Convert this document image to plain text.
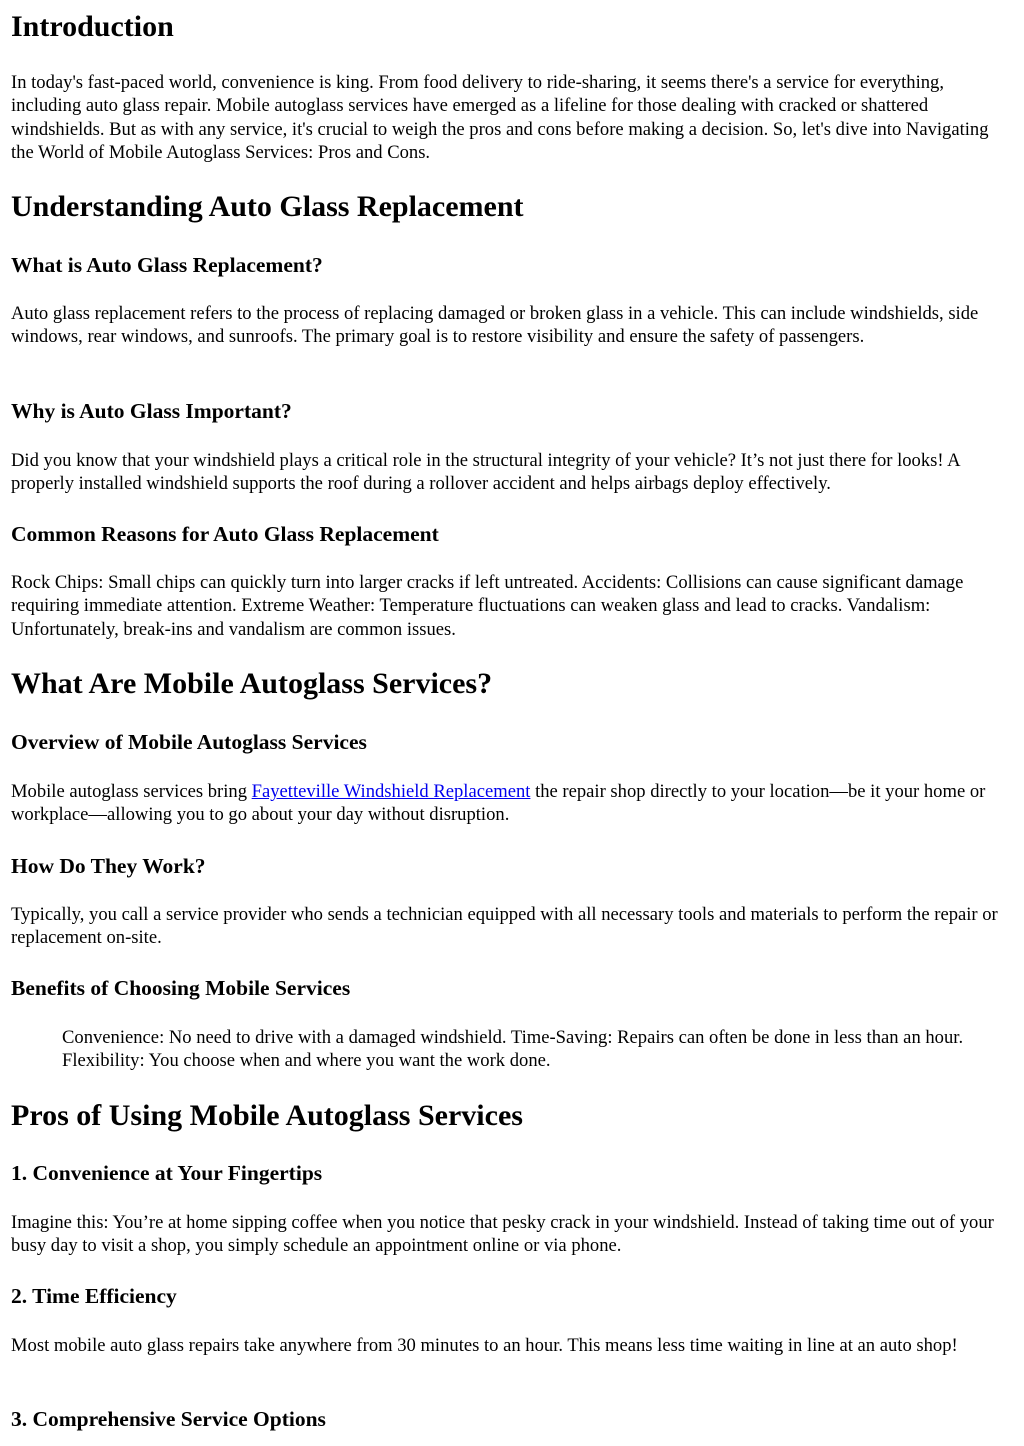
Introduction

In today's fast-paced world, convenience is king. From food delivery to ride-sharing, it seems there's a service for everything, including auto glass repair. Mobile autoglass services have emerged as a lifeline for those dealing with cracked or shattered windshields. But as with any service, it's crucial to weigh the pros and cons before making a decision. So, let's dive into Navigating the World of Mobile Autoglass Services: Pros and Cons.

Understanding Auto Glass Replacement
What is Auto Glass Replacement?

Auto glass replacement refers to the process of replacing damaged or broken glass in a vehicle. This can include windshields, side windows, rear windows, and sunroofs. The primary goal is to restore visibility and ensure the safety of passengers.

Why is Auto Glass Important?

Did you know that your windshield plays a critical role in the structural integrity of your vehicle? It’s not just there for looks! A properly installed windshield supports the roof during a rollover accident and helps airbags deploy effectively.

Common Reasons for Auto Glass Replacement

Rock Chips: Small chips can quickly turn into larger cracks if left untreated. Accidents: Collisions can cause significant damage requiring immediate attention. Extreme Weather: Temperature fluctuations can weaken glass and lead to cracks. Vandalism: Unfortunately, break-ins and vandalism are common issues.

What Are Mobile Autoglass Services?
Overview of Mobile Autoglass Services

Mobile autoglass services bring Fayetteville Windshield Replacement the repair shop directly to your location—be it your home or workplace—allowing you to go about your day without disruption.

How Do They Work?

Typically, you call a service provider who sends a technician equipped with all necessary tools and materials to perform the repair or replacement on-site.

Benefits of Choosing Mobile Services

Convenience: No need to drive with a damaged windshield. Time-Saving: Repairs can often be done in less than an hour. Flexibility: You choose when and where you want the work done.

Pros of Using Mobile Autoglass Services
1. Convenience at Your Fingertips

Imagine this: You’re at home sipping coffee when you notice that pesky crack in your windshield. Instead of taking time out of your busy day to visit a shop, you simply schedule an appointment online or via phone.

2. Time Efficiency

Most mobile auto glass repairs take anywhere from 30 minutes to an hour. This means less time waiting in line at an auto shop!

3. Comprehensive Service Options
